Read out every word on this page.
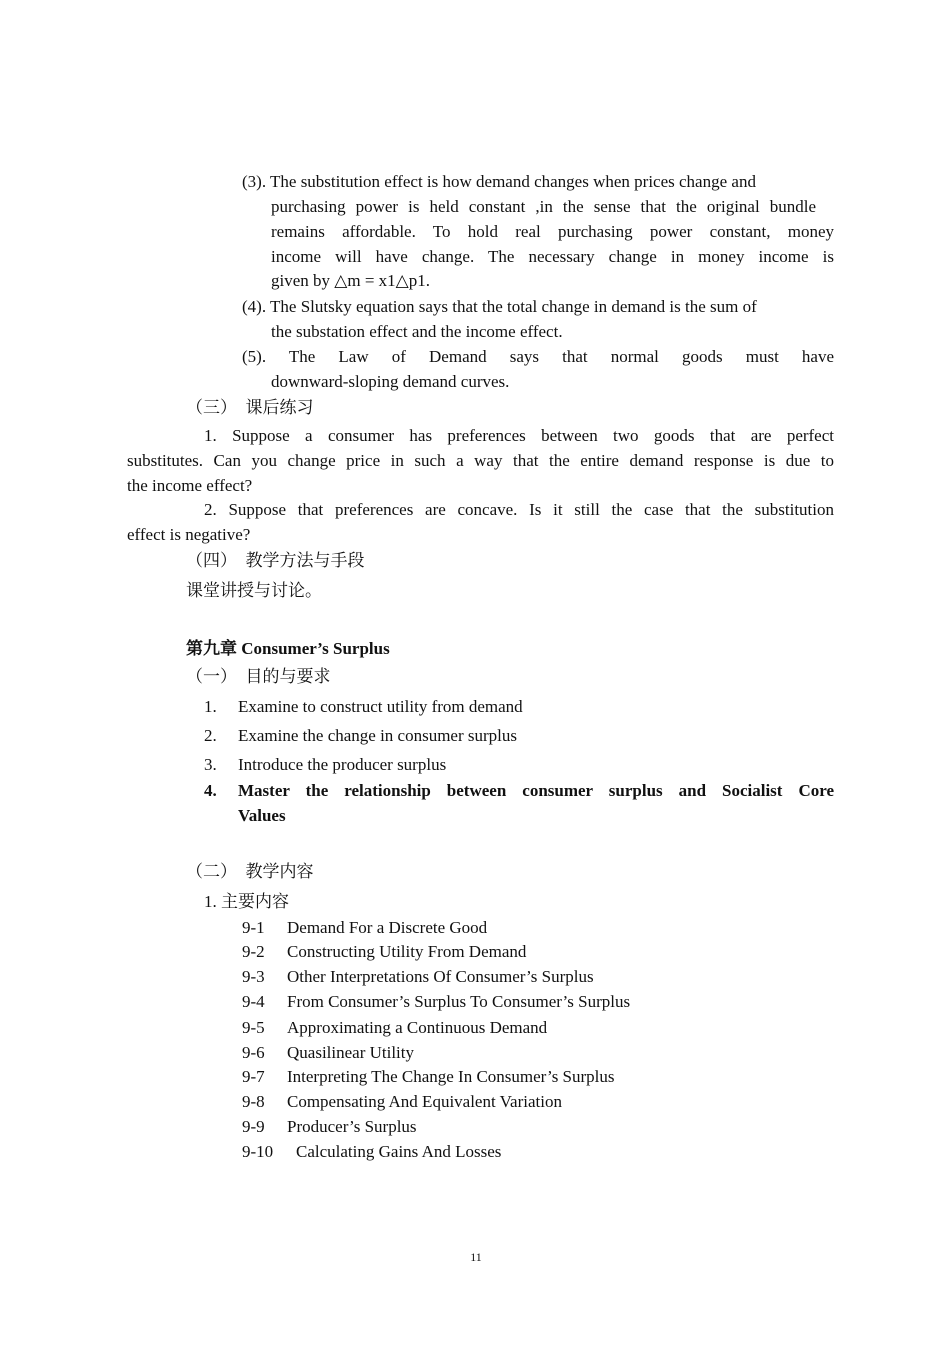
(3). The substitution effect is how demand changes when prices change and
purchasing power is held constant ,in the sense that the original bundle
remains affordable. To hold real purchasing power constant, money
income will have change. The necessary change in money income is
given by △m = x1△p1.
(4). The Slutsky equation says that the total change in demand is the sum of
the substation effect and the income effect.
(5). The Law of Demand says that normal goods must have
downward-sloping demand curves.
（三）　课后练习
1. Suppose a consumer has preferences between two goods that are perfect
substitutes. Can you change price in such a way that the entire demand response is due to
the income effect?
2. Suppose that preferences are concave. Is it still the case that the substitution
effect is negative?
（四）　教学方法与手段
课堂讲授与讨论。
第九章 Consumer’s Surplus
（一）　目的与要求
1. Examine to construct utility from demand
2. Examine the change in consumer surplus
3. Introduce the producer surplus
4. Master the relationship between consumer surplus and Socialist Core
Values
（二）　教学内容
1. 主要内容
9-1 Demand For a Discrete Good
9-2 Constructing Utility From Demand
9-3 Other Interpretations Of Consumer’s Surplus
9-4 From Consumer’s Surplus To Consumer’s Surplus
9-5 Approximating a Continuous Demand
9-6 Quasilinear Utility
9-7 Interpreting The Change In Consumer’s Surplus
9-8 Compensating And Equivalent Variation
9-9 Producer’s Surplus
9-10 Calculating Gains And Losses
11
